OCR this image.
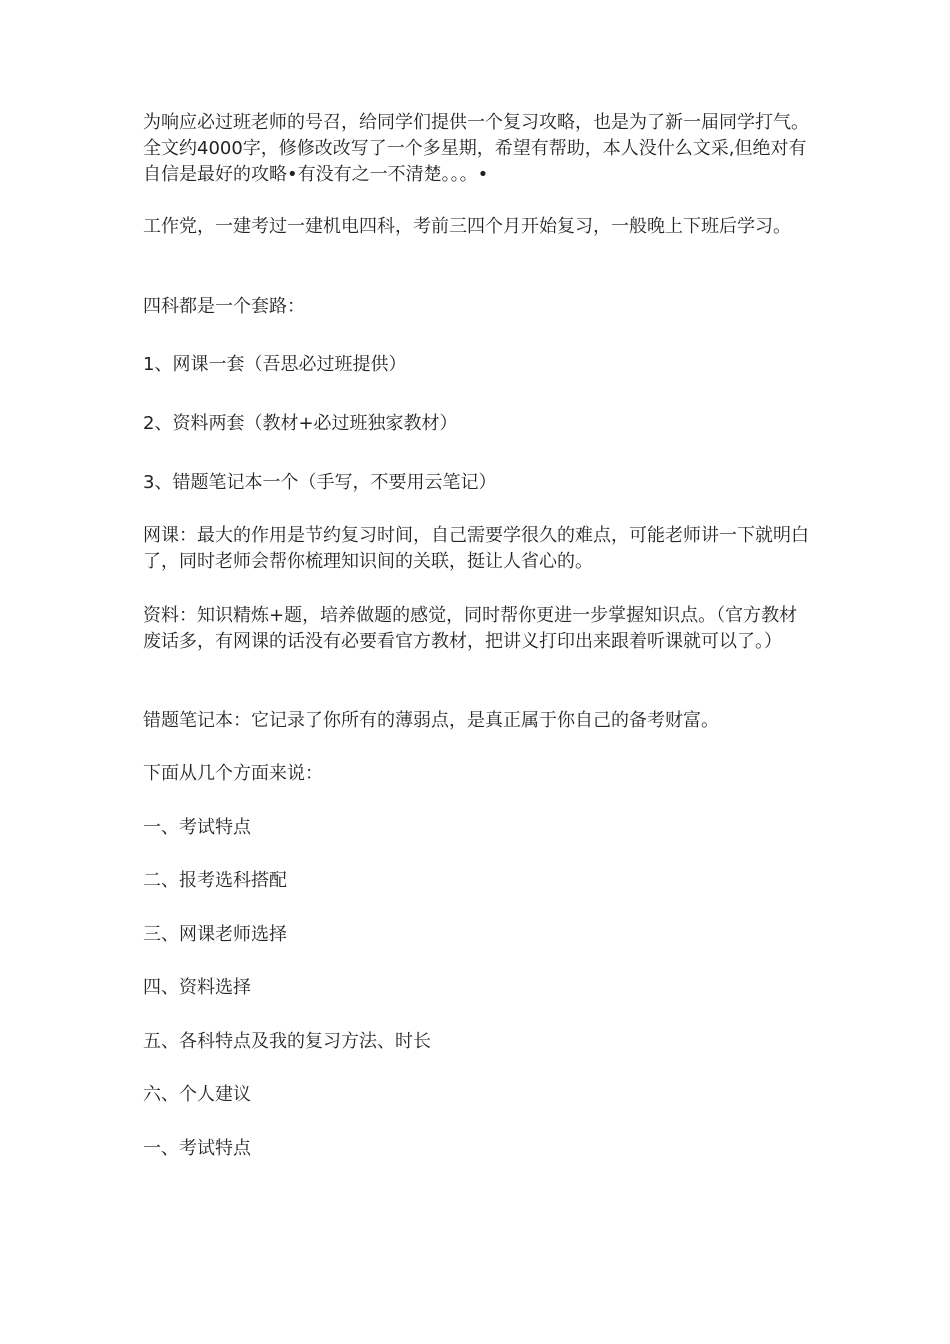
为响应必过班老师的号召，给同学们提供一个复习攻略，也是为了新一届同学打气。全文约4000字，修修改改写了一个多星期，希望有帮助，本人没什么文采,但绝对有自信是最好的攻略•有没有之一不清楚。。。•

工作党，一建考过一建机电四科，考前三四个月开始复习，一般晚上下班后学习。

四科都是一个套路：

1、网课一套（吾思必过班提供）

2、资料两套（教材+必过班独家教材）

3、错题笔记本一个（手写，不要用云笔记）

网课：最大的作用是节约复习时间，自己需要学很久的难点，可能老师讲一下就明白了，同时老师会帮你梳理知识间的关联，挺让人省心的。

资料：知识精炼+题，培养做题的感觉，同时帮你更进一步掌握知识点。（官方教材废话多，有网课的话没有必要看官方教材，把讲义打印出来跟着听课就可以了。）

错题笔记本：它记录了你所有的薄弱点，是真正属于你自己的备考财富。

下面从几个方面来说：

一、考试特点

二、报考选科搭配

三、网课老师选择

四、资料选择

五、各科特点及我的复习方法、时长

六、个人建议

一、考试特点
